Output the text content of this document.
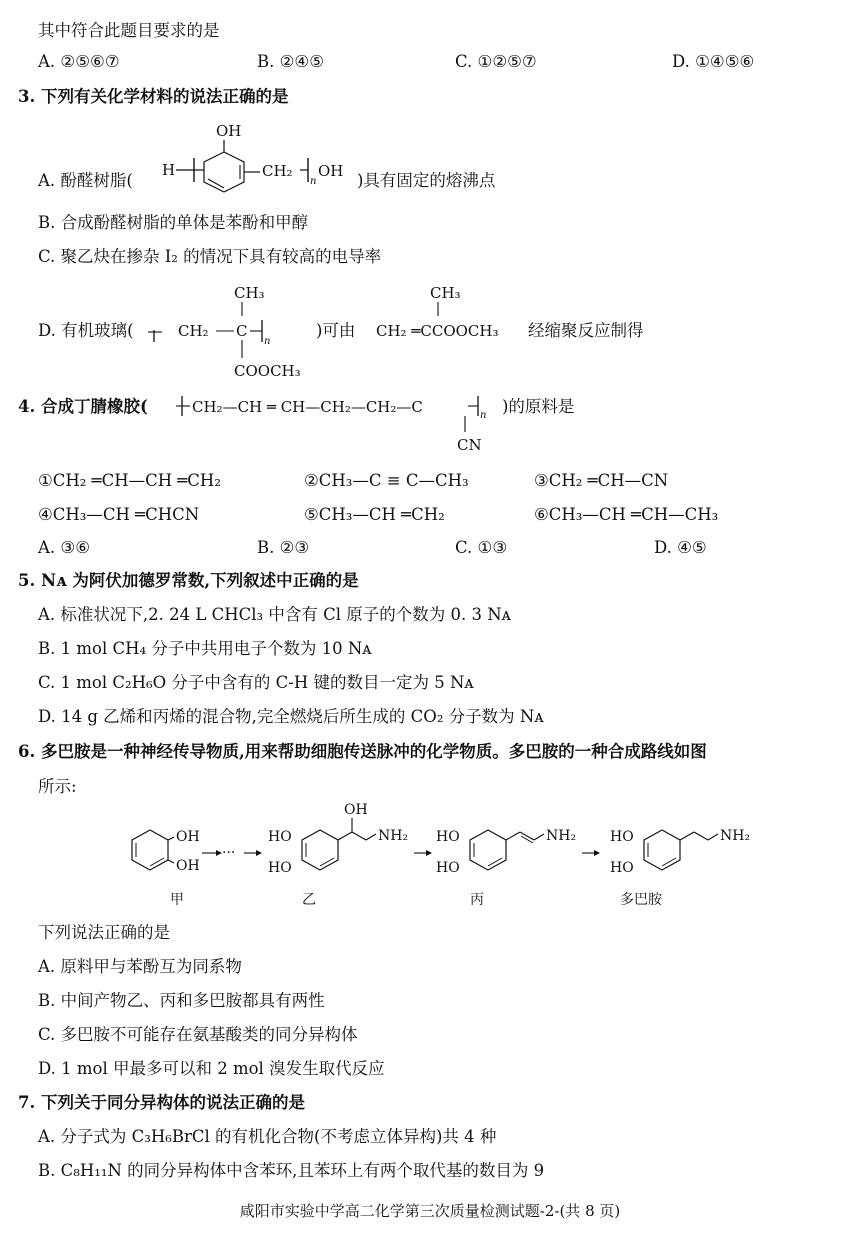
其中符合此题目要求的是
A. ②⑤⑥⑦	B. ②④⑤	C. ①②⑤⑦	D. ①④⑤⑥
3. 下列有关化学材料的说法正确的是
A. 酚醛树脂(
OH
H	CH₂
n
OH )具有固定的熔沸点
B. 合成酚醛树脂的单体是苯酚和甲醇
C. 聚乙炔在掺杂 I₂ 的情况下具有较高的电导率
D. 有机玻璃(
CH₃
CH₂ C
n
COOCH₃
)可由
CH₃
CH₂ ═CCOOCH₃ 经缩聚反应制得
4. 合成丁腈橡胶(	CH₂—CH ═ CH—CH₂—CH₂—C	n
CN
)的原料是
①CH₂ ═CH—CH ═CH₂	②CH₃—C ≡ C—CH₃	③CH₂ ═CH—CN
④CH₃—CH ═CHCN	⑤CH₃—CH ═CH₂	⑥CH₃—CH ═CH—CH₃
A. ③⑥	B. ②③	C. ①③	D. ④⑤
5. Nᴀ 为阿伏加德罗常数,下列叙述中正确的是
A. 标准状况下,2. 24 L CHCl₃ 中含有 Cl 原子的个数为 0. 3 Nᴀ
B. 1 mol CH₄ 分子中共用电子个数为 10 Nᴀ
C. 1 mol C₂H₆O 分子中含有的 C-H 键的数目一定为 5 Nᴀ
D. 14 g 乙烯和丙烯的混合物,完全燃烧后所生成的 CO₂ 分子数为 Nᴀ
6. 多巴胺是一种神经传导物质,用来帮助细胞传送脉冲的化学物质。多巴胺的一种合成路线如图
所示:
OH
OH
甲
···
HO
HO
OH
NH₂
乙
HO
HO
NH₂
丙
HO
HO
NH₂
多巴胺
下列说法正确的是
A. 原料甲与苯酚互为同系物
B. 中间产物乙、丙和多巴胺都具有两性
C. 多巴胺不可能存在氨基酸类的同分异构体
D. 1 mol 甲最多可以和 2 mol 溴发生取代反应
7. 下列关于同分异构体的说法正确的是
A. 分子式为 C₃H₆BrCl 的有机化合物(不考虑立体异构)共 4 种
B. C₈H₁₁N 的同分异构体中含苯环,且苯环上有两个取代基的数目为 9
咸阳市实验中学高二化学第三次质量检测试题-2-(共 8 页)
